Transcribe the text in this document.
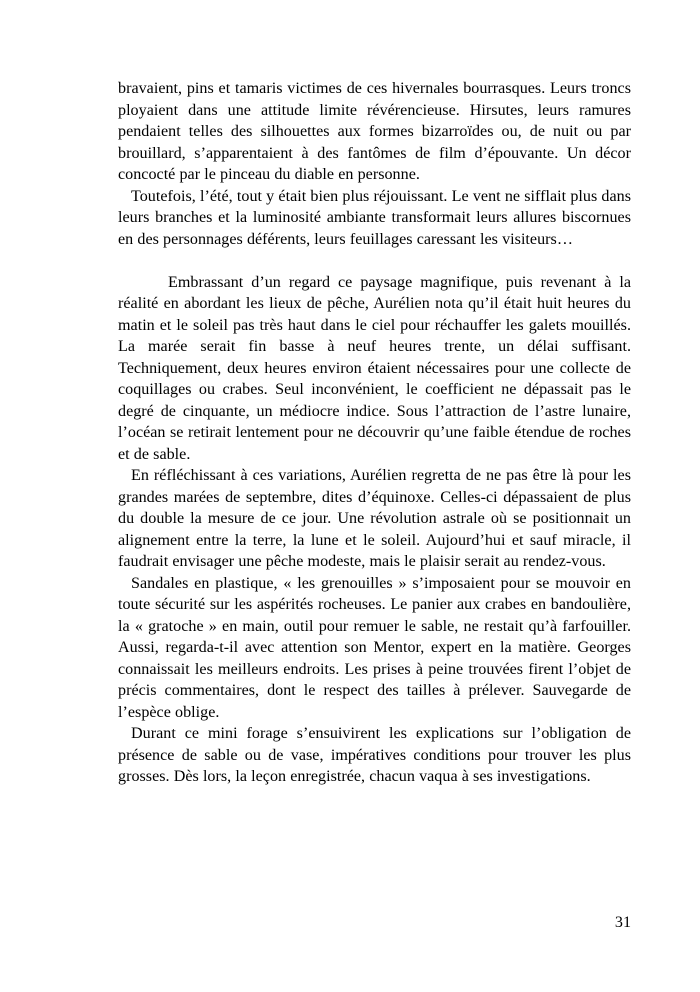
bravaient, pins et tamaris victimes de ces hivernales bourrasques. Leurs troncs ployaient dans une attitude limite révérencieuse. Hirsutes, leurs ramures pendaient telles des silhouettes aux formes bizarroïdes ou, de nuit ou par brouillard, s’apparentaient à des fantômes de film d’épouvante. Un décor concocté par le pinceau du diable en personne.

Toutefois, l’été, tout y était bien plus réjouissant. Le vent ne sifflait plus dans leurs branches et la luminosité ambiante transformait leurs allures biscornues en des personnages déférents, leurs feuillages caressant les visiteurs…

Embrassant d’un regard ce paysage magnifique, puis revenant à la réalité en abordant les lieux de pêche, Aurélien nota qu’il était huit heures du matin et le soleil pas très haut dans le ciel pour réchauffer les galets mouillés. La marée serait fin basse à neuf heures trente, un délai suffisant. Techniquement, deux heures environ étaient nécessaires pour une collecte de coquillages ou crabes. Seul inconvénient, le coefficient ne dépassait pas le degré de cinquante, un médiocre indice. Sous l’attraction de l’astre lunaire, l’océan se retirait lentement pour ne découvrir qu’une faible étendue de roches et de sable.

En réfléchissant à ces variations, Aurélien regretta de ne pas être là pour les grandes marées de septembre, dites d’équinoxe. Celles-ci dépassaient de plus du double la mesure de ce jour. Une révolution astrale où se positionnait un alignement entre la terre, la lune et le soleil. Aujourd’hui et sauf miracle, il faudrait envisager une pêche modeste, mais le plaisir serait au rendez-vous.

Sandales en plastique, « les grenouilles » s’imposaient pour se mouvoir en toute sécurité sur les aspérités rocheuses. Le panier aux crabes en bandoulière, la « gratoche » en main, outil pour remuer le sable, ne restait qu’à farfouiller. Aussi, regarda-t-il avec attention son Mentor, expert en la matière. Georges connaissait les meilleurs endroits. Les prises à peine trouvées firent l’objet de précis commentaires, dont le respect des tailles à prélever. Sauvegarde de l’espèce oblige.

Durant ce mini forage s’ensuivirent les explications sur l’obligation de présence de sable ou de vase, impératives conditions pour trouver les plus grosses. Dès lors, la leçon enregistrée, chacun vaqua à ses investigations.

31
